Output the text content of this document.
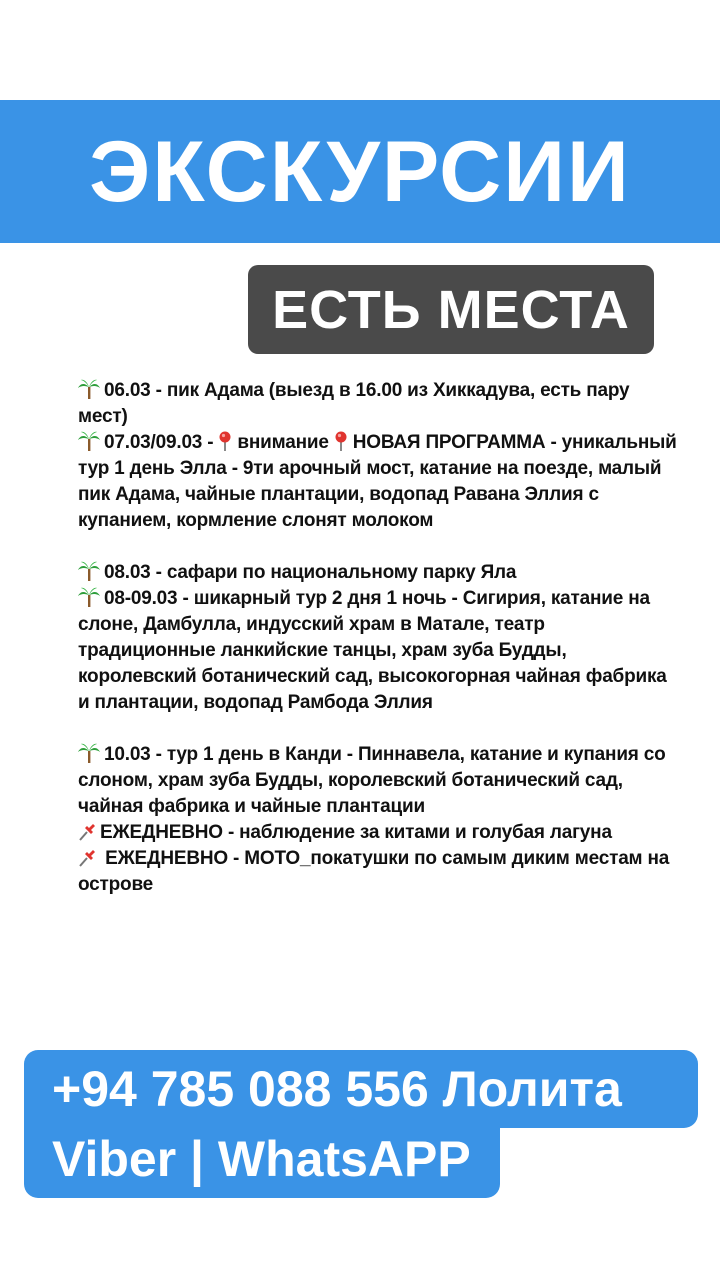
ЭКСКУРСИИ
ЕСТЬ МЕСТА
06.03 - пик Адама (выезд в 16.00 из Хиккадува, есть пару мест)
07.03/09.03 - внимание НОВАЯ ПРОГРАММА - уникальный тур 1 день Элла - 9ти арочный мост, катание на поезде, малый пик Адама, чайные плантации, водопад Равана Эллия с купанием, кормление слонят молоком
08.03 - сафари по национальному парку Яла
08-09.03 - шикарный тур 2 дня 1 ночь - Сигирия, катание на слоне, Дамбулла, индусский храм в Матале, театр традиционные ланкийские танцы, храм зуба Будды, королевский ботанический сад, высокогорная чайная фабрика и плантации, водопад Рамбода Эллия
10.03 - тур 1 день в Канди - Пиннавела, катание и купания со слоном, храм зуба Будды, королевский ботанический сад, чайная фабрика и чайные плантации
ЕЖЕДНЕВНО - наблюдение за китами и голубая лагуна
ЕЖЕДНЕВНО - МОТО_покатушки по самым диким местам на острове
+94 785 088 556 Лолита
Viber | WhatsAPP
